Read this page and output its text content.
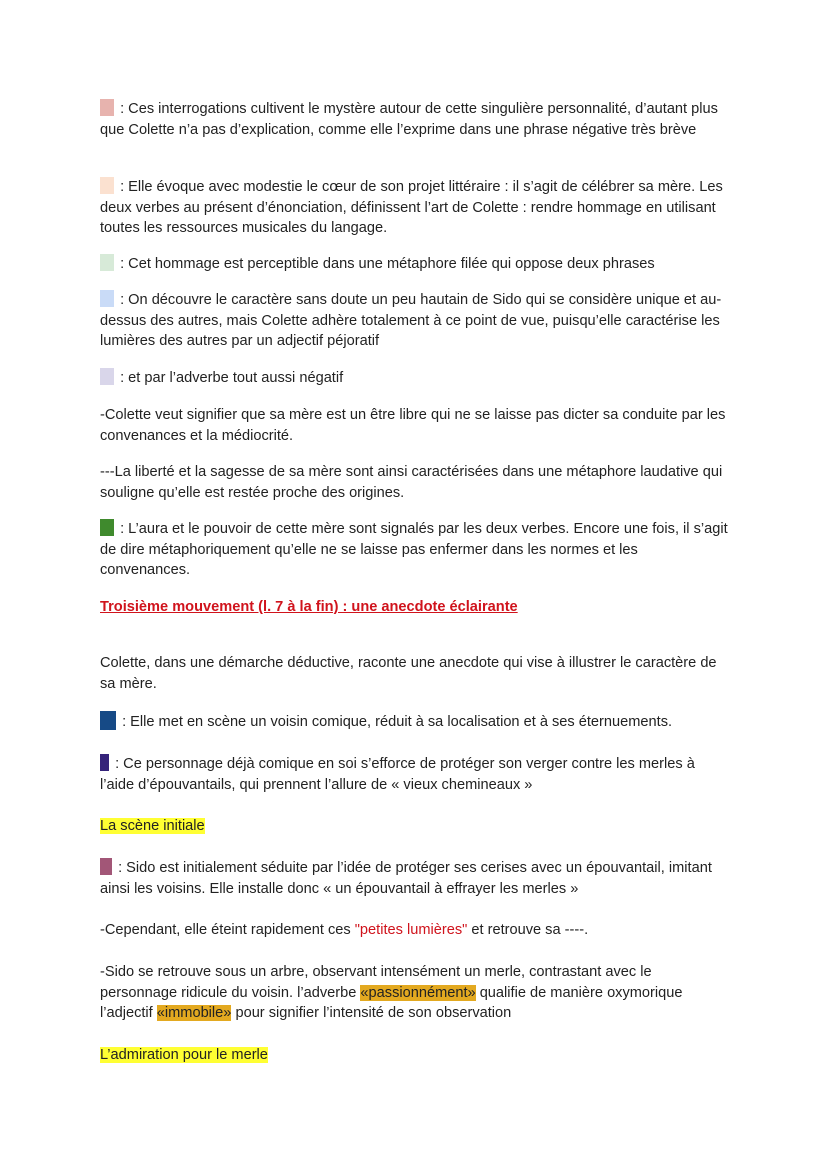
: Ces interrogations cultivent le mystère autour de cette singulière personnalité, d’autant plus que Colette n’a pas d’explication, comme elle l’exprime dans une phrase négative très brève

: Elle évoque avec modestie le cœur de son projet littéraire : il s’agit de célébrer sa mère. Les deux verbes au présent d’énonciation, définissent l’art de Colette : rendre hommage en utilisant toutes les ressources musicales du langage.

: Cet hommage est perceptible dans une métaphore filée qui oppose deux phrases

: On découvre le caractère sans doute un peu hautain de Sido qui se considère unique et au- dessus des autres, mais Colette adhère totalement à ce point de vue, puisqu’elle caractérise les lumières des autres par un adjectif péjoratif

: et par l’adverbe tout aussi négatif

-Colette veut signifier que sa mère est un être libre qui ne se laisse pas dicter sa conduite par les convenances et la médiocrité.

---La liberté et la sagesse de sa mère sont ainsi caractérisées dans une métaphore laudative qui souligne qu’elle est restée proche des origines.

: L’aura et le pouvoir de cette mère sont signalés par les deux verbes. Encore une fois, il s’agit de dire métaphoriquement qu’elle ne se laisse pas enfermer dans les normes et les convenances.

Troisième mouvement (l. 7 à la fin) : une anecdote éclairante

Colette, dans une démarche déductive, raconte une anecdote qui vise à illustrer le caractère de sa mère.

: Elle met en scène un voisin comique, réduit à sa localisation et à ses éternuements.

: Ce personnage déjà comique en soi s’efforce de protéger son verger contre les merles à l’aide d’épouvantails, qui prennent l’allure de « vieux chemineaux »

La scène initiale

: Sido est initialement séduite par l’idée de protéger ses cerises avec un épouvantail, imitant ainsi les voisins. Elle installe donc « un épouvantail à effrayer les merles »

-Cependant, elle éteint rapidement ces "petites lumières" et retrouve sa ----.

-Sido se retrouve sous un arbre, observant intensément un merle, contrastant avec le personnage ridicule du voisin. l’adverbe «passionnément» qualifie de manière oxymorique l’adjectif «immobile» pour signifier l’intensité de son observation

L’admiration pour le merle
